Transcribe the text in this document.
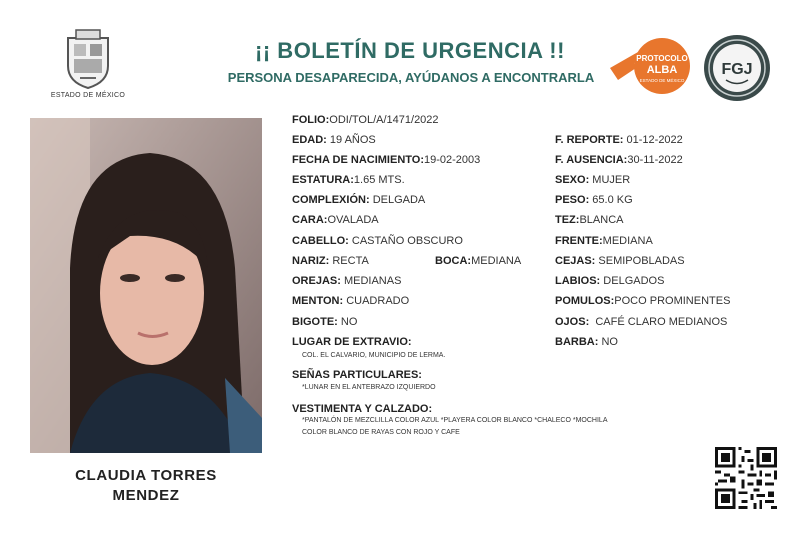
ESTADO DE MÉXICO
¡¡ BOLETÍN DE URGENCIA !!
PERSONA DESAPARECIDA, AYÚDANOS A ENCONTRARLA
PROTOCOLO
ALBA
ESTADO DE MÉXICO
FGJ
CLAUDIA TORRES
MENDEZ
FOLIO:ODI/TOL/A/1471/2022
EDAD: 19 AÑOS
FECHA DE NACIMIENTO:19-02-2003
ESTATURA:1.65 MTS.
COMPLEXIÓN: DELGADA
CARA:OVALADA
CABELLO: CASTAÑO OBSCURO
NARIZ: RECTA	BOCA:MEDIANA
OREJAS: MEDIANAS
MENTON: CUADRADO
BIGOTE: NO
F. REPORTE: 01-12-2022
F. AUSENCIA:30-11-2022
SEXO: MUJER
PESO: 65.0 KG
TEZ:BLANCA
FRENTE:MEDIANA
CEJAS: SEMIPOBLADAS
LABIOS: DELGADOS
POMULOS:POCO PROMINENTES
OJOS: CAFÉ CLARO MEDIANOS
BARBA: NO
LUGAR DE EXTRAVIO:
COL. EL CALVARIO, MUNICIPIO DE LERMA.
SEÑAS PARTICULARES:
*LUNAR EN EL ANTEBRAZO IZQUIERDO
VESTIMENTA Y CALZADO:
*PANTALÓN DE MEZCLILLA COLOR AZUL *PLAYERA COLOR BLANCO *CHALECO *MOCHILA
COLOR BLANCO DE RAYAS CON ROJO Y CAFE
